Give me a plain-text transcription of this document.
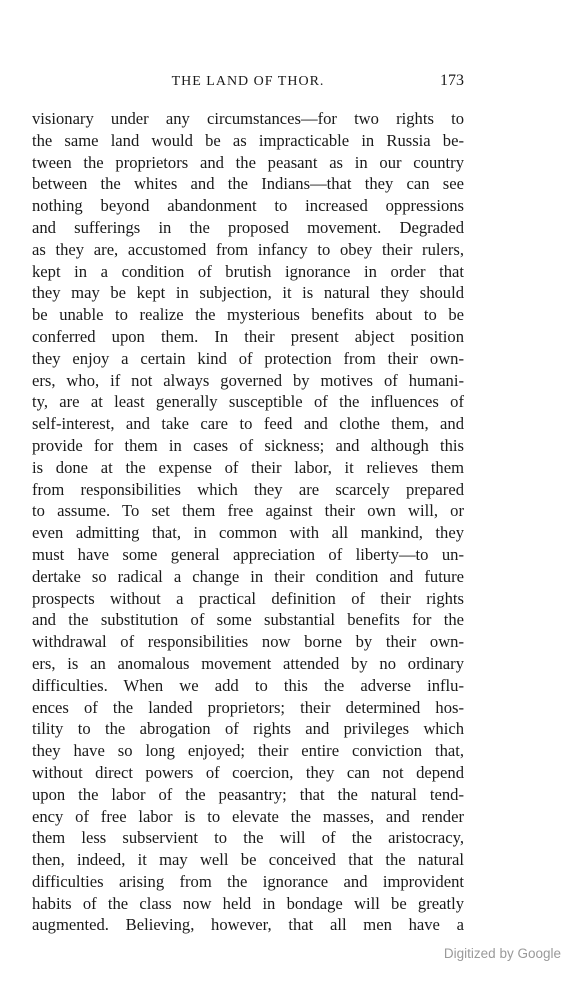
THE LAND OF THOR.	173
visionary under any circumstances—for two rights to
the same land would be as impracticable in Russia be-
tween the proprietors and the peasant as in our country
between the whites and the Indians—that they can see
nothing beyond abandonment to increased oppressions
and sufferings in the proposed movement. Degraded
as they are, accustomed from infancy to obey their rulers,
kept in a condition of brutish ignorance in order that
they may be kept in subjection, it is natural they should
be unable to realize the mysterious benefits about to be
conferred upon them. In their present abject position
they enjoy a certain kind of protection from their own-
ers, who, if not always governed by motives of humani-
ty, are at least generally susceptible of the influences of
self-interest, and take care to feed and clothe them, and
provide for them in cases of sickness; and although this
is done at the expense of their labor, it relieves them
from responsibilities which they are scarcely prepared
to assume. To set them free against their own will, or
even admitting that, in common with all mankind, they
must have some general appreciation of liberty—to un-
dertake so radical a change in their condition and future
prospects without a practical definition of their rights
and the substitution of some substantial benefits for the
withdrawal of responsibilities now borne by their own-
ers, is an anomalous movement attended by no ordinary
difficulties. When we add to this the adverse influ-
ences of the landed proprietors; their determined hos-
tility to the abrogation of rights and privileges which
they have so long enjoyed; their entire conviction that,
without direct powers of coercion, they can not depend
upon the labor of the peasantry; that the natural tend-
ency of free labor is to elevate the masses, and render
them less subservient to the will of the aristocracy,
then, indeed, it may well be conceived that the natural
difficulties arising from the ignorance and improvident
habits of the class now held in bondage will be greatly
augmented. Believing, however, that all men have a
Digitized by Google
